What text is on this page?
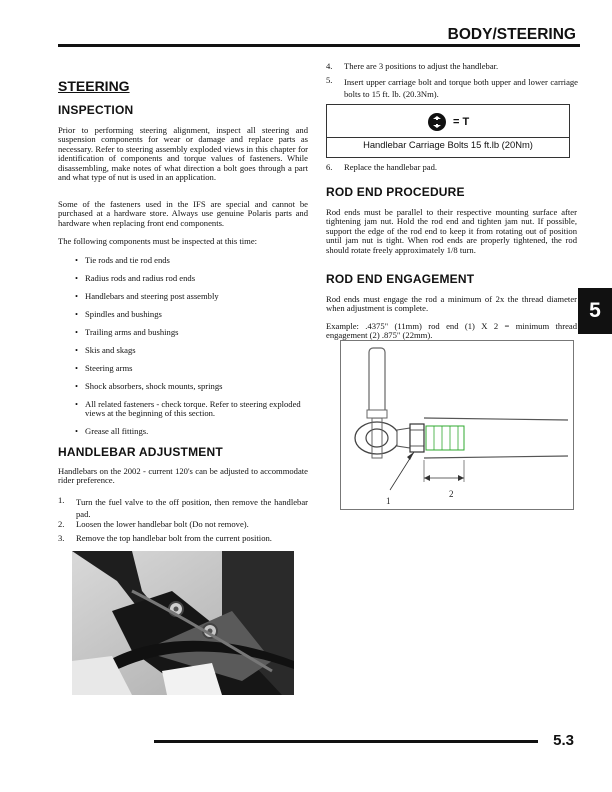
BODY/STEERING
5
STEERING
INSPECTION
Prior to performing steering alignment, inspect all steering and suspension components for wear or damage and replace parts as necessary. Refer to steering assembly exploded views in this chapter for identification of components and torque values of fasteners. While disassembling, make notes of what direction a bolt goes through a part and what type of nut is used in an application.
Some of the fasteners used in the IFS are special and cannot be purchased at a hardware store. Always use genuine Polaris parts and hardware when replacing front end components.
The following components must be inspected at this time:
• Tie rods and tie rod ends
• Radius rods and radius rod ends
• Handlebars and steering post assembly
• Spindles and bushings
• Trailing arms and bushings
• Skis and skags
• Steering arms
• Shock absorbers, shock mounts, springs
• All related fasteners - check torque. Refer to steering exploded views at the beginning of this section.
• Grease all fittings.
HANDLEBAR ADJUSTMENT
Handlebars on the 2002 - current 120's can be adjusted to accommodate rider preference.
1. Turn the fuel valve to the off position, then remove the handlebar pad.
2. Loosen the lower handlebar bolt (Do not remove).
3. Remove the top handlebar bolt from the current position.
4. There are 3 positions to adjust the handlebar.
5. Insert upper carriage bolt and torque both upper and lower carriage bolts to 15 ft. lb. (20.3Nm).
= T
Handlebar Carriage Bolts 15 ft.lb (20Nm)
6. Replace the handlebar pad.
ROD END PROCEDURE
Rod ends must be parallel to their respective mounting surface after tightening jam nut. Hold the rod end and tighten jam nut. If possible, support the edge of the rod end to keep it from rotating out of position until jam nut is tight. When rod ends are properly tightened, the rod should rotate freely approximately 1/8 turn.
ROD END ENGAGEMENT
Rod ends must engage the rod a minimum of 2x the thread diameter when adjustment is complete.
Example: .4375" (11mm) rod end (1) X 2 = minimum thread engagement (2) .875" (22mm).
1
2
5.3
